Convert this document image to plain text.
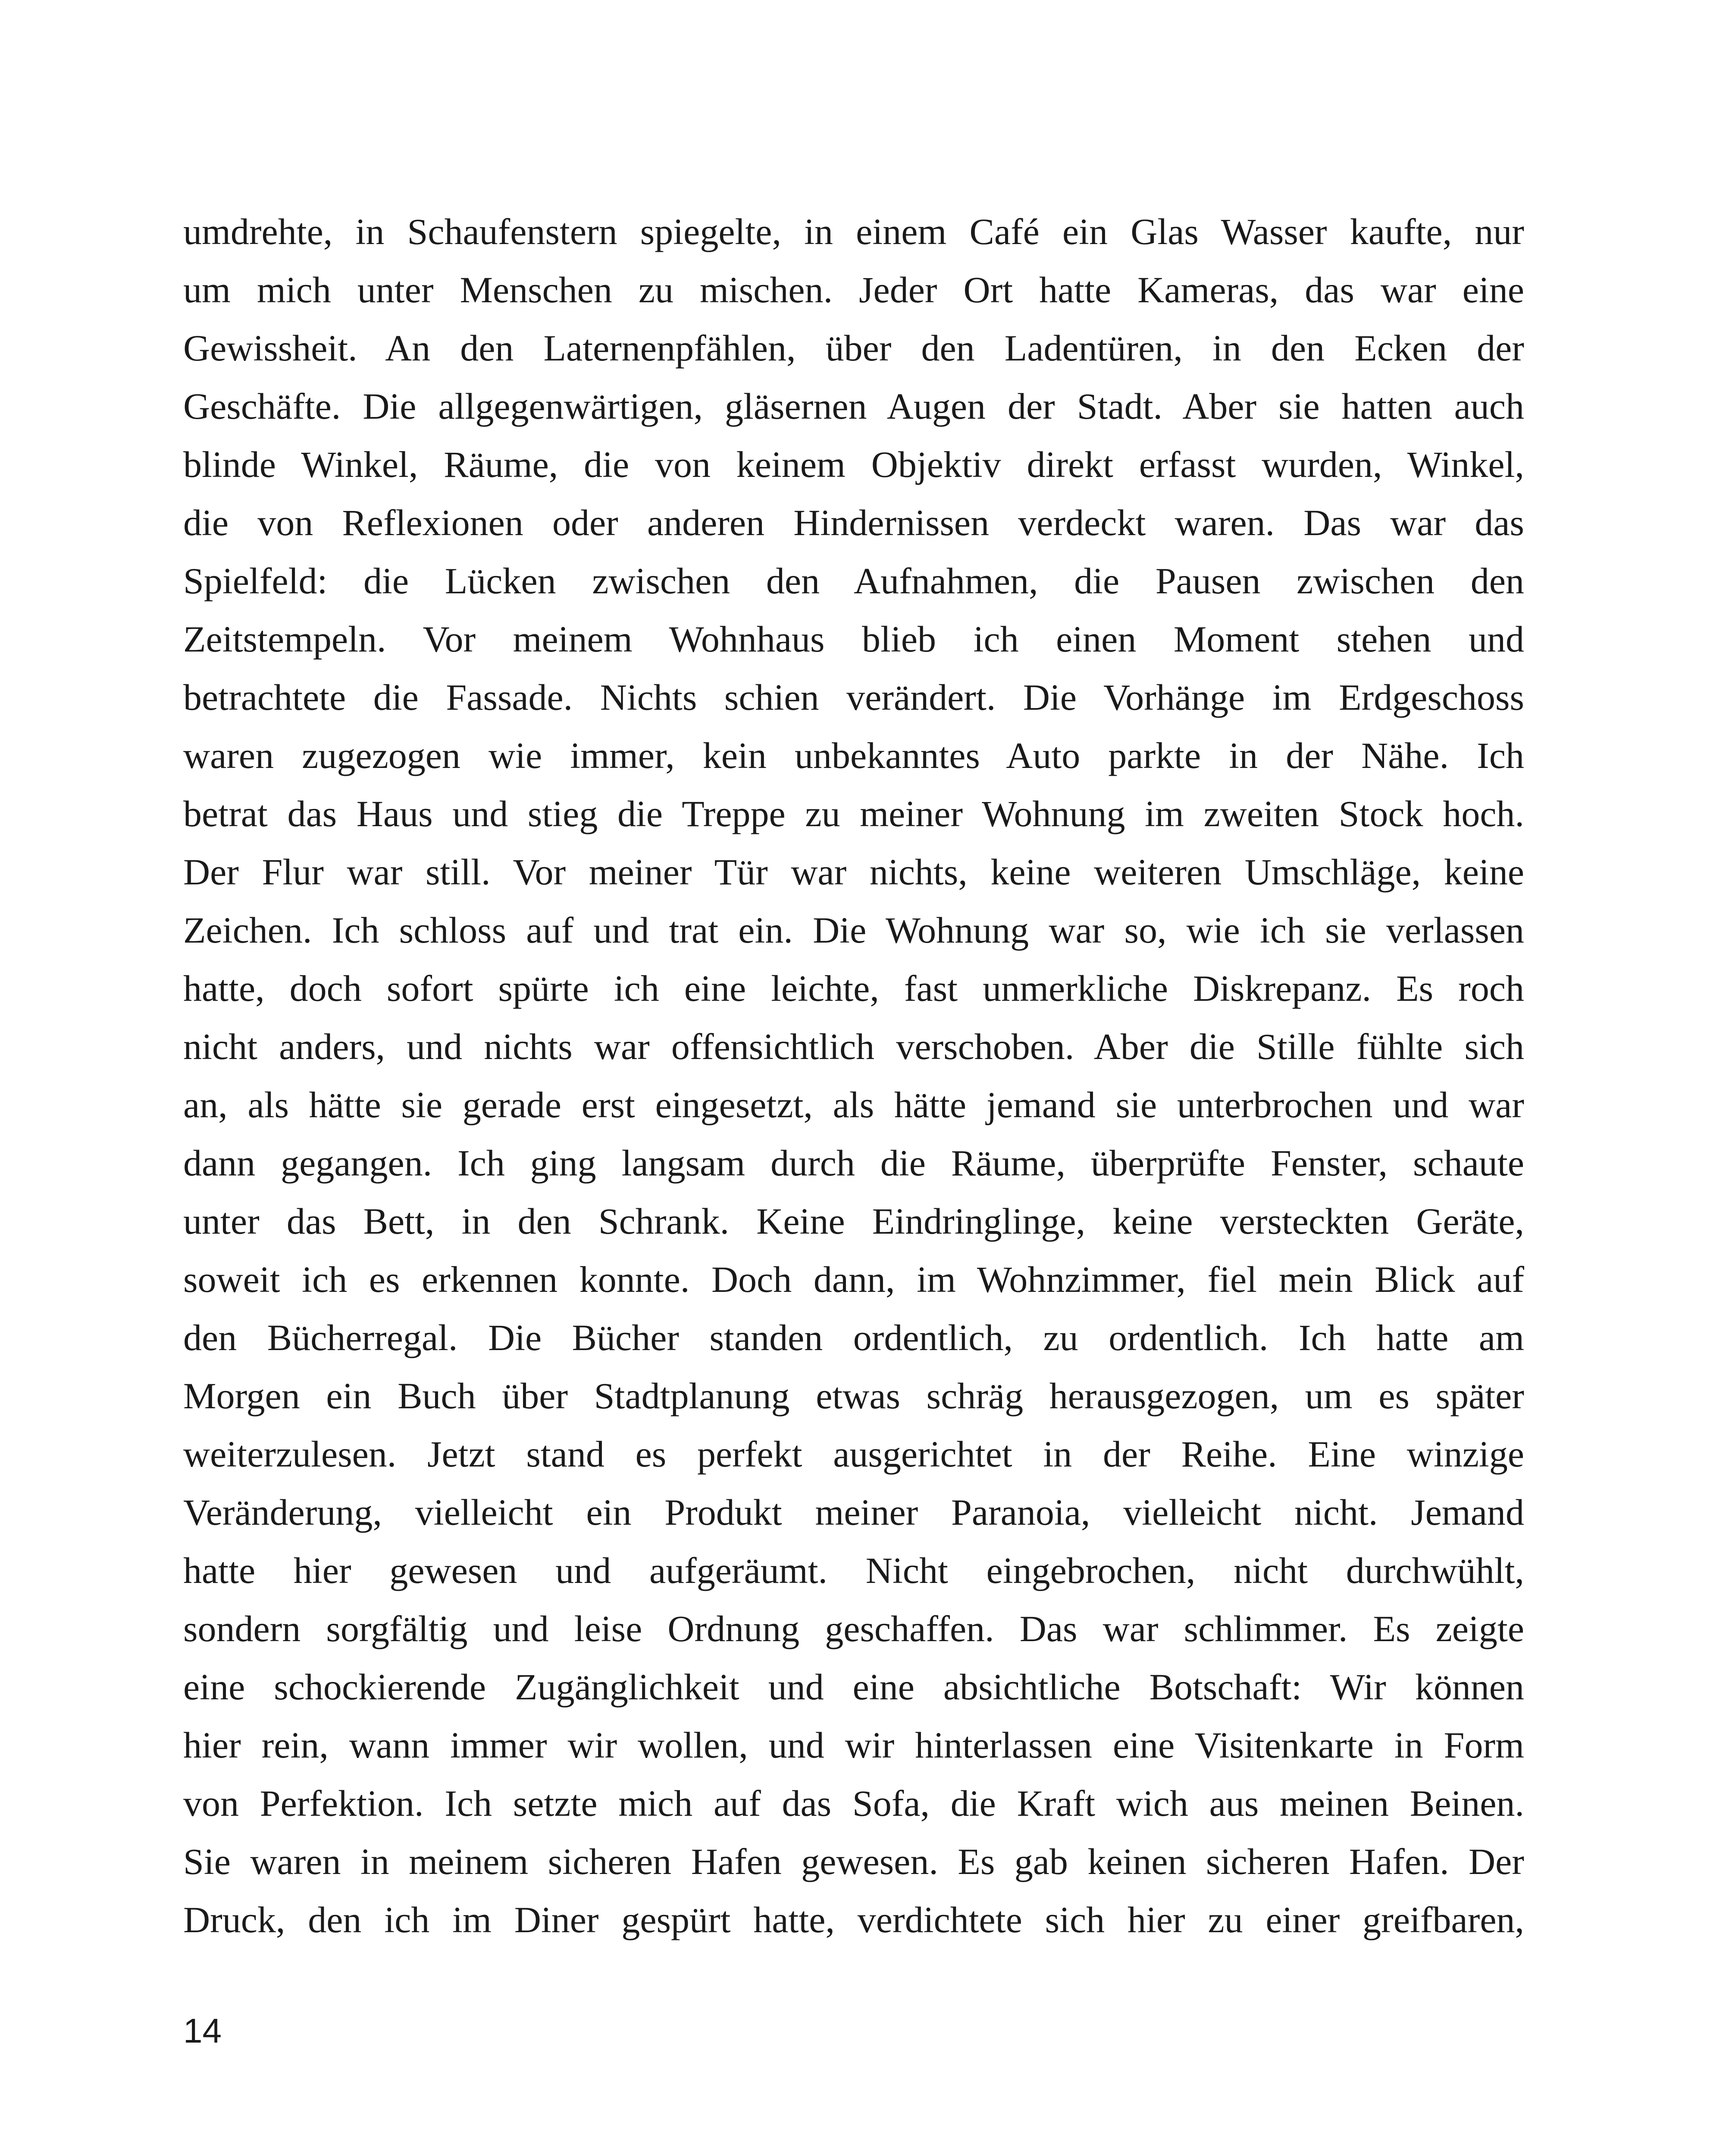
umdrehte, in Schaufenstern spiegelte, in einem Café ein Glas Wasser kaufte, nur
um mich unter Menschen zu mischen. Jeder Ort hatte Kameras, das war eine
Gewissheit. An den Laternenpfählen, über den Ladentüren, in den Ecken der
Geschäfte. Die allgegenwärtigen, gläsernen Augen der Stadt. Aber sie hatten auch
blinde Winkel, Räume, die von keinem Objektiv direkt erfasst wurden, Winkel,
die von Reflexionen oder anderen Hindernissen verdeckt waren. Das war das
Spielfeld: die Lücken zwischen den Aufnahmen, die Pausen zwischen den
Zeitstempeln. Vor meinem Wohnhaus blieb ich einen Moment stehen und
betrachtete die Fassade. Nichts schien verändert. Die Vorhänge im Erdgeschoss
waren zugezogen wie immer, kein unbekanntes Auto parkte in der Nähe. Ich
betrat das Haus und stieg die Treppe zu meiner Wohnung im zweiten Stock hoch.
Der Flur war still. Vor meiner Tür war nichts, keine weiteren Umschläge, keine
Zeichen. Ich schloss auf und trat ein. Die Wohnung war so, wie ich sie verlassen
hatte, doch sofort spürte ich eine leichte, fast unmerkliche Diskrepanz. Es roch
nicht anders, und nichts war offensichtlich verschoben. Aber die Stille fühlte sich
an, als hätte sie gerade erst eingesetzt, als hätte jemand sie unterbrochen und war
dann gegangen. Ich ging langsam durch die Räume, überprüfte Fenster, schaute
unter das Bett, in den Schrank. Keine Eindringlinge, keine versteckten Geräte,
soweit ich es erkennen konnte. Doch dann, im Wohnzimmer, fiel mein Blick auf
den Bücherregal. Die Bücher standen ordentlich, zu ordentlich. Ich hatte am
Morgen ein Buch über Stadtplanung etwas schräg herausgezogen, um es später
weiterzulesen. Jetzt stand es perfekt ausgerichtet in der Reihe. Eine winzige
Veränderung, vielleicht ein Produkt meiner Paranoia, vielleicht nicht. Jemand
hatte hier gewesen und aufgeräumt. Nicht eingebrochen, nicht durchwühlt,
sondern sorgfältig und leise Ordnung geschaffen. Das war schlimmer. Es zeigte
eine schockierende Zugänglichkeit und eine absichtliche Botschaft: Wir können
hier rein, wann immer wir wollen, und wir hinterlassen eine Visitenkarte in Form
von Perfektion. Ich setzte mich auf das Sofa, die Kraft wich aus meinen Beinen.
Sie waren in meinem sicheren Hafen gewesen. Es gab keinen sicheren Hafen. Der
Druck, den ich im Diner gespürt hatte, verdichtete sich hier zu einer greifbaren,
14
